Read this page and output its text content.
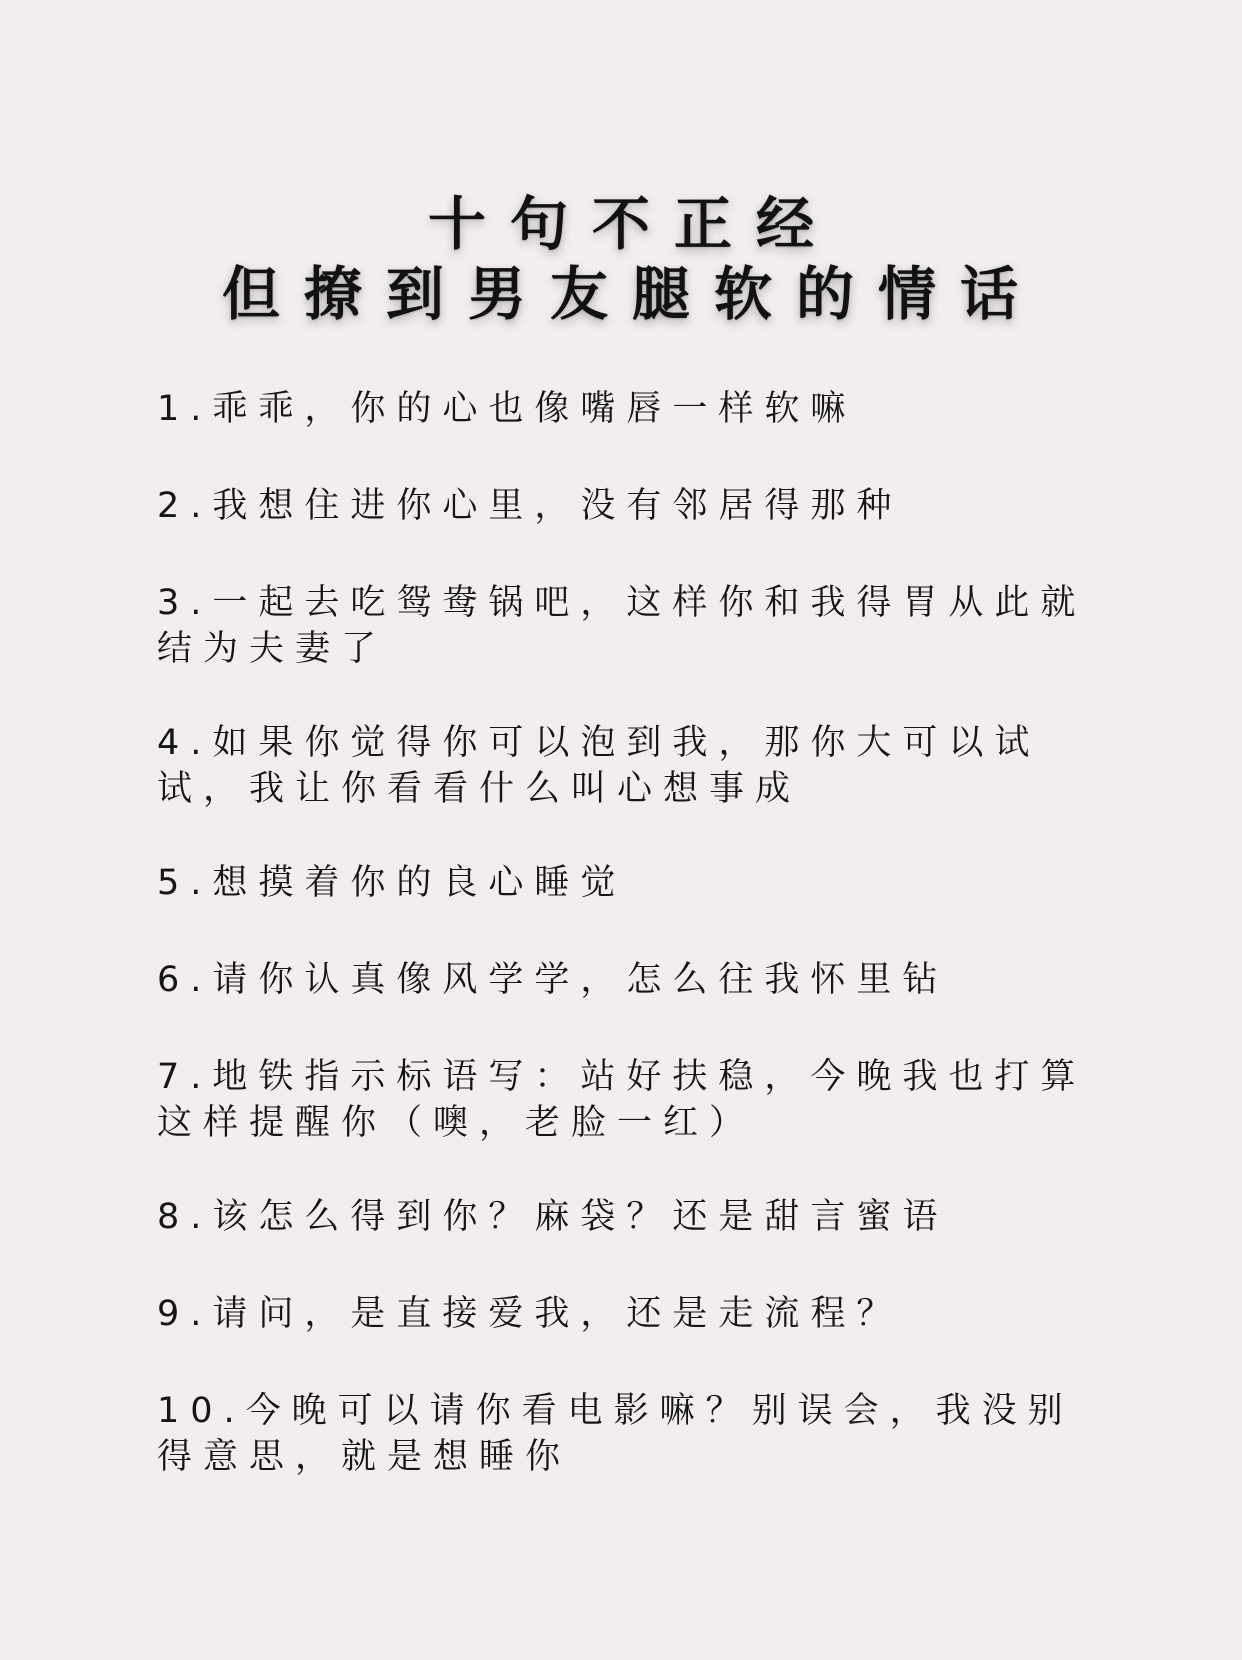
十句不正经
但撩到男友腿软的情话
1.乖乖，你的心也像嘴唇一样软嘛
2.我想住进你心里，没有邻居得那种
3.一起去吃鸳鸯锅吧，这样你和我得胃从此就结为夫妻了
4.如果你觉得你可以泡到我，那你大可以试试，我让你看看什么叫心想事成
5.想摸着你的良心睡觉
6.请你认真像风学学，怎么往我怀里钻
7.地铁指示标语写：站好扶稳，今晚我也打算这样提醒你（噢，老脸一红）
8.该怎么得到你？麻袋？还是甜言蜜语
9.请问，是直接爱我，还是走流程？
10.今晚可以请你看电影嘛？别误会，我没别得意思，就是想睡你
